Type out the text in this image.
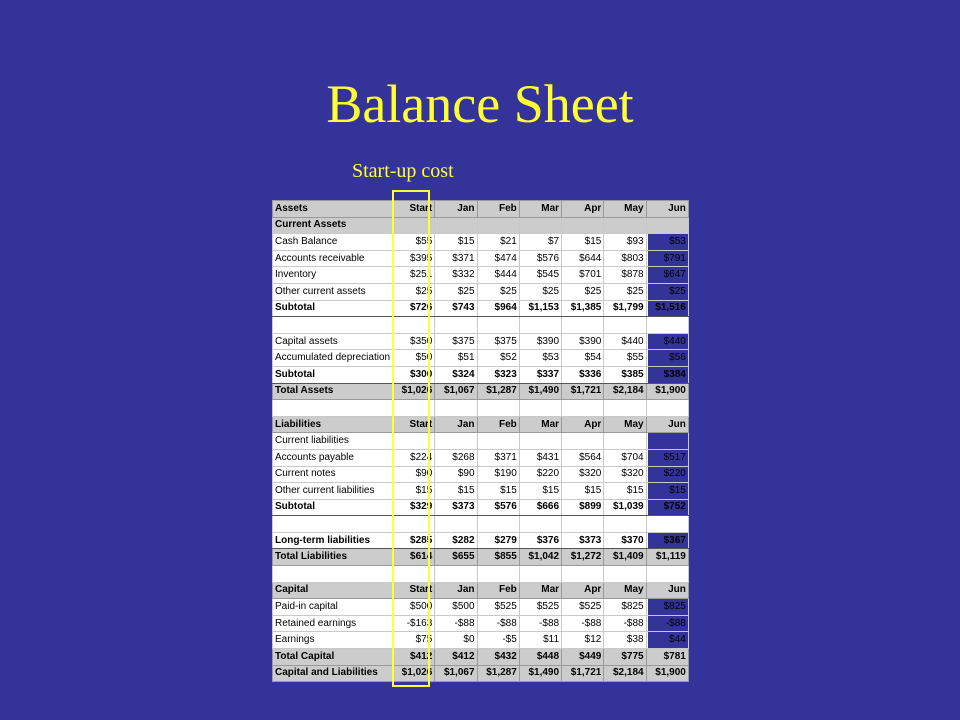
Balance Sheet
Start-up cost
Assets	Start	Jan	Feb	Mar	Apr	May	Jun
Current Assets							
Cash Balance	$55	$15	$21	$7	$15	$93	$53
Accounts receivable	$395	$371	$474	$576	$644	$803	$791
Inventory	$251	$332	$444	$545	$701	$878	$647
Other current assets	$25	$25	$25	$25	$25	$25	$25
Subtotal	$726	$743	$964	$1,153	$1,385	$1,799	$1,516

Capital assets	$350	$375	$375	$390	$390	$440	$440
Accumulated depreciation	$50	$51	$52	$53	$54	$55	$56
Subtotal	$300	$324	$323	$337	$336	$385	$384
Total Assets	$1,026	$1,067	$1,287	$1,490	$1,721	$2,184	$1,900

Liabilities	Start	Jan	Feb	Mar	Apr	May	Jun
Current liabilities							
Accounts payable	$224	$268	$371	$431	$564	$704	$517
Current notes	$90	$90	$190	$220	$320	$320	$220
Other current liabilities	$15	$15	$15	$15	$15	$15	$15
Subtotal	$329	$373	$576	$666	$899	$1,039	$752

Long-term liabilities	$285	$282	$279	$376	$373	$370	$367
Total Liabilities	$614	$655	$855	$1,042	$1,272	$1,409	$1,119

Capital	Start	Jan	Feb	Mar	Apr	May	Jun
Paid-in capital	$500	$500	$525	$525	$525	$825	$825
Retained earnings	-$163	-$88	-$88	-$88	-$88	-$88	-$88
Earnings	$75	$0	-$5	$11	$12	$38	$44
Total Capital	$412	$412	$432	$448	$449	$775	$781
Capital and Liabilities	$1,026	$1,067	$1,287	$1,490	$1,721	$2,184	$1,900
